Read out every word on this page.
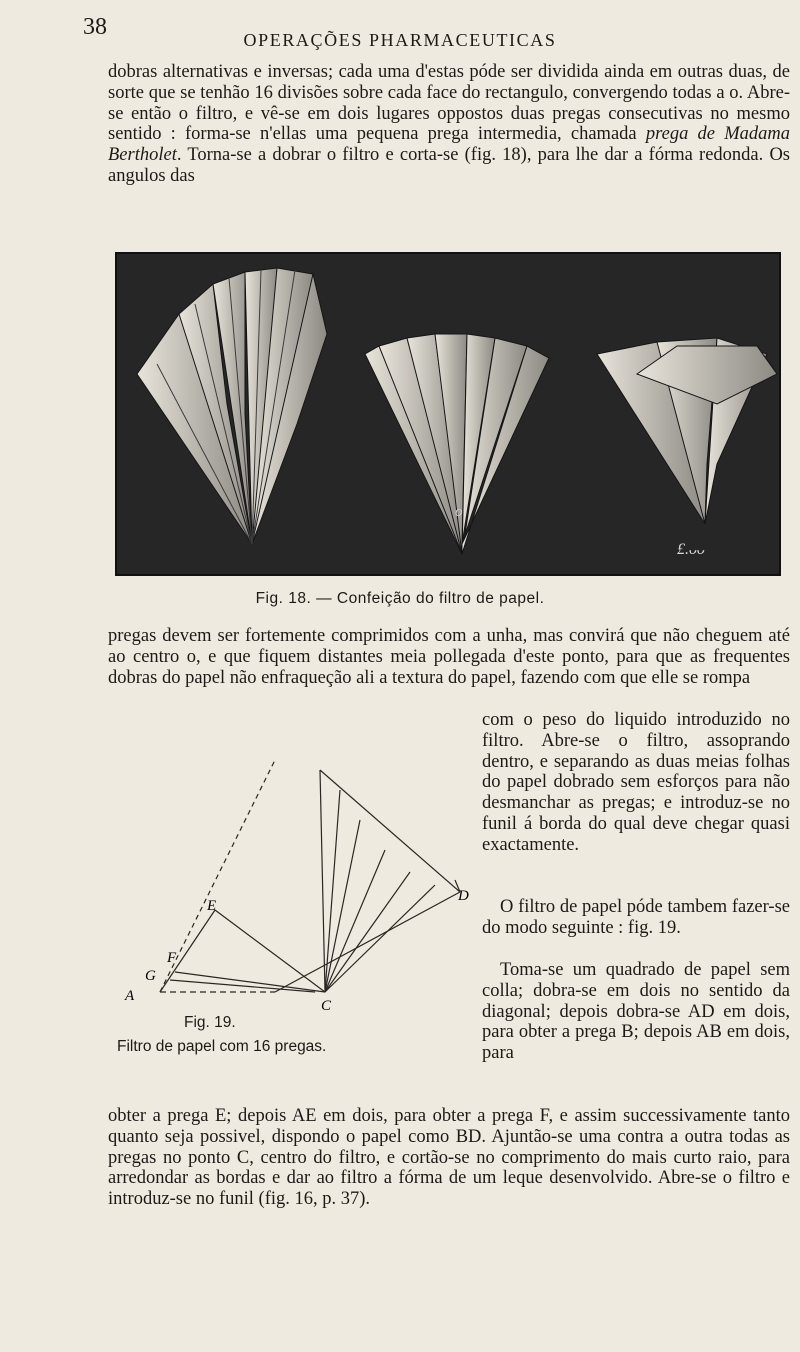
38	OPERAÇÕES PHARMACEUTICAS

dobras alternativas e inversas; cada uma d'estas póde ser dividida ainda em outras duas, de sorte que se tenhão 16 divisões sobre cada face do rectangulo, convergendo todas a o. Abre-se então o filtro, e vê-se em dois lugares oppostos duas pregas consecutivas no mesmo sentido : forma-se n'ellas uma pequena prega intermedia, chamada prega de Madama Bertholet. Torna-se a dobrar o filtro e corta-se (fig. 18), para lhe dar a fórma redonda. Os angulos das

o
£.ᴗᴗ
Fig. 18. — Confeição do filtro de papel.

pregas devem ser fortemente comprimidos com a unha, mas convirá que não cheguem até ao centro o, e que fiquem distantes meia pollegada d'este ponto, para que as frequentes dobras do papel não enfraqueção ali a textura do papel, fazendo com que elle se rompa

com o peso do liquido introduzido no filtro. Abre-se o filtro, assoprando dentro, e separando as duas meias folhas do papel dobrado sem esforços para não desmanchar as pregas; e introduz-se no funil á borda do qual deve chegar quasi exactamente.

O filtro de papel póde tambem fazer-se do modo seguinte : fig. 19.

Toma-se um quadrado de papel sem colla; dobra-se em dois no sentido da diagonal; depois dobra-se AD em dois, para obter a prega B; depois AB em dois, para

A
G
F
E
D
C
Fig. 19.
Filtro de papel com 16 pregas.

obter a prega E; depois AE em dois, para obter a prega F, e assim successivamente tanto quanto seja possivel, dispondo o papel como BD. Ajuntão-se uma contra a outra todas as pregas no ponto C, centro do filtro, e cortão-se no comprimento do mais curto raio, para arredondar as bordas e dar ao filtro a fórma de um leque desenvolvido. Abre-se o filtro e introduz-se no funil (fig. 16, p. 37).
